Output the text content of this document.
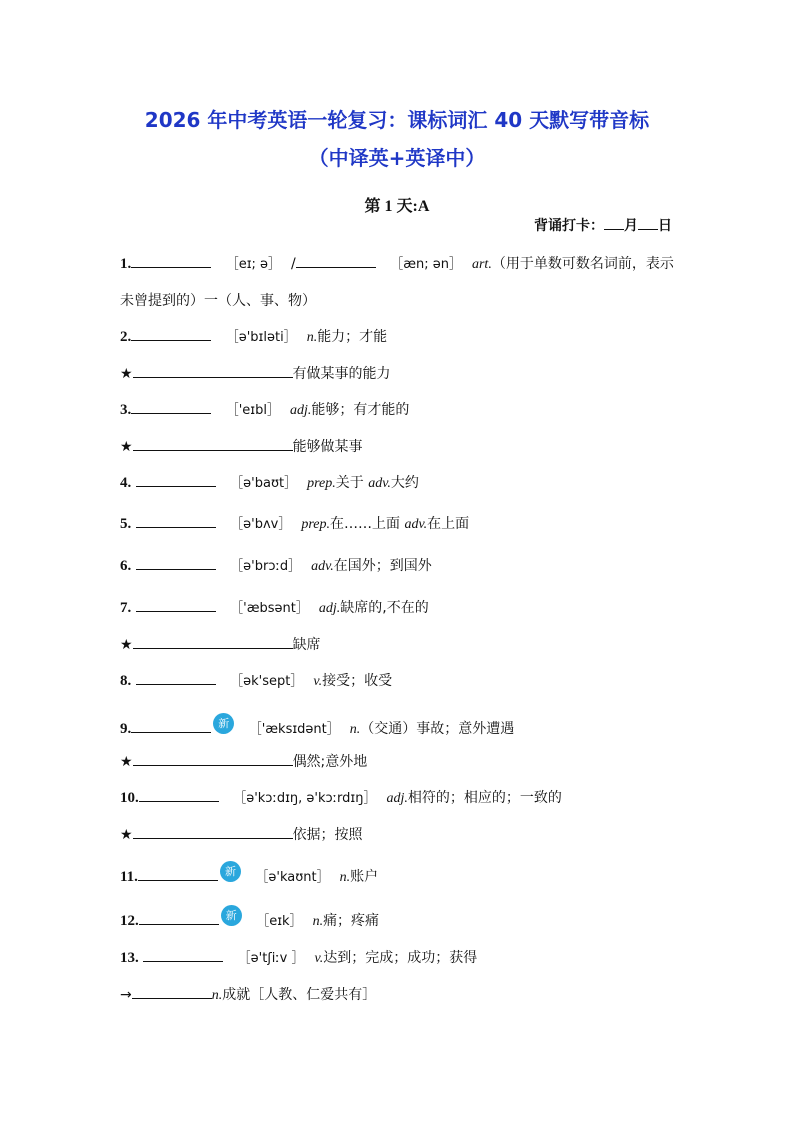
2026 年中考英语一轮复习：课标词汇 40 天默写带音标
（中译英+英译中）
第 1 天:A
背诵打卡： 月 日
1.	［eɪ; ə］ /	［æn; ən］ art.（用于单数可数名词前，表示
未曾提到的）一（人、事、物）
2.	［ə'bɪləti］ n.能力；才能
★	有做某事的能力
3.	［'eɪbl］ adj.能够；有才能的
★	能够做某事
4.	［ə'baʊt］ prep.关于 adv.大约
5.	［ə'bʌv］ prep.在……上面 adv.在上面
6.	［ə'brɔːd］ adv.在国外；到国外
7.	［'æbsənt］ adj.缺席的,不在的
★	缺席
8.	［ək'sept］ v.接受；收受
9.	新 ［'æksɪdənt］ n.（交通）事故；意外遭遇
★	偶然;意外地
10.	［ə'kɔːdɪŋ, ə'kɔːrdɪŋ］ adj.相符的；相应的；一致的
★	依据；按照
11.	新 ［ə'kaʊnt］ n.账户
12.	新 ［eɪk］ n.痛；疼痛
13.	［ə'tʃiːv ］ v.达到；完成；成功；获得
→	n.成就［人教、仁爱共有］
